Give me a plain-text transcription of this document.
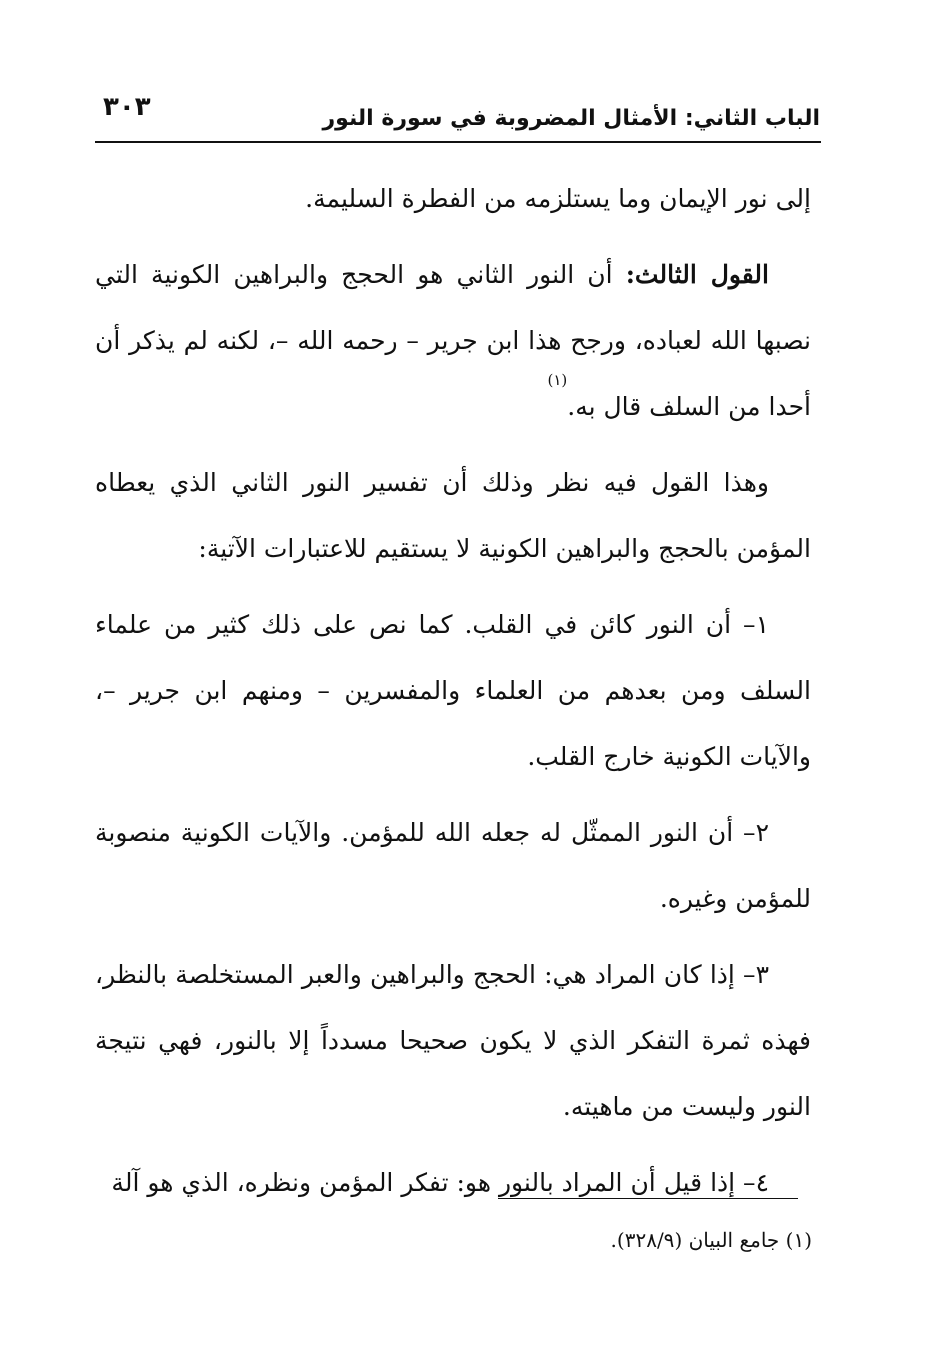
الباب الثاني: الأمثال المضروبة في سورة النور
٣٠٣

إلى نور الإيمان وما يستلزمه من الفطرة السليمة.

القول الثالث: أن النور الثاني هو الحجج والبراهين الكونية التي نصبها الله لعباده، ورجح هذا ابن جرير – رحمه الله –، لكنه لم يذكر أن أحدا من السلف قال به.$^{(١)}$

وهذا القول فيه نظر وذلك أن تفسير النور الثاني الذي يعطاه المؤمن بالحجج والبراهين الكونية لا يستقيم للاعتبارات الآتية:

١– أن النور كائن في القلب. كما نص على ذلك كثير من علماء السلف ومن بعدهم من العلماء والمفسرين – ومنهم ابن جرير –، والآيات الكونية خارج القلب.

٢– أن النور الممثّل له جعله الله للمؤمن. والآيات الكونية منصوبة للمؤمن وغيره.

٣– إذا كان المراد هي: الحجج والبراهين والعبر المستخلصة بالنظر، فهذه ثمرة التفكر الذي لا يكون صحيحا مسدداً إلا بالنور، فهي نتيجة النور وليست من ماهيته.

٤– إذا قيل أن المراد بالنور هو: تفكر المؤمن ونظره، الذي هو آلة

(١) جامع البيان (٣٢٨/٩).
